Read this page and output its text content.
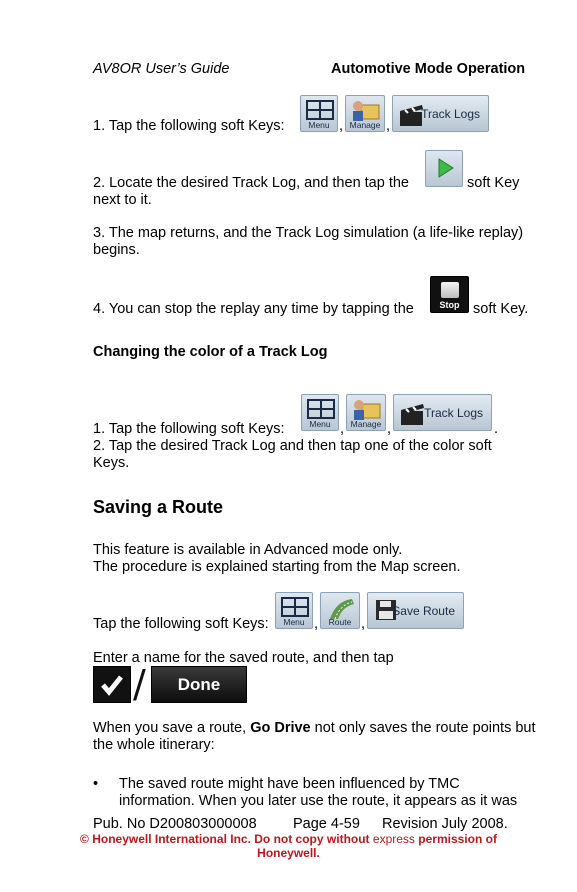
AV8OR User’s Guide	Automotive Mode Operation
1. Tap the following soft Keys:	Menu , Manage ,
Track Logs
2. Locate the desired Track Log, and then tap the	soft Key
next to it.
3. The map returns, and the Track Log simulation (a life-like replay)
begins.
4. You can stop the replay any time by tapping the	Stop soft Key.
Changing the color of a Track Log
1. Tap the following soft Keys:	Menu , Manage ,
Track Logs
.
2. Tap the desired Track Log and then tap one of the color soft
Keys.
Saving a Route
This feature is available in Advanced mode only.
The procedure is explained starting from the Map screen.
Tap the following soft Keys:	Menu ,	Route ,
Save Route
Enter a name for the saved route, and then tap
/	Done
When you save a route, Go Drive not only saves the route points but
the whole itinerary:
• The saved route might have been influenced by TMC
information. When you later use the route, it appears as it was
Pub. No D200803000008	Page 4-59 Revision July 2008.
© Honeywell International Inc. Do not copy without express permission of
Honeywell.
